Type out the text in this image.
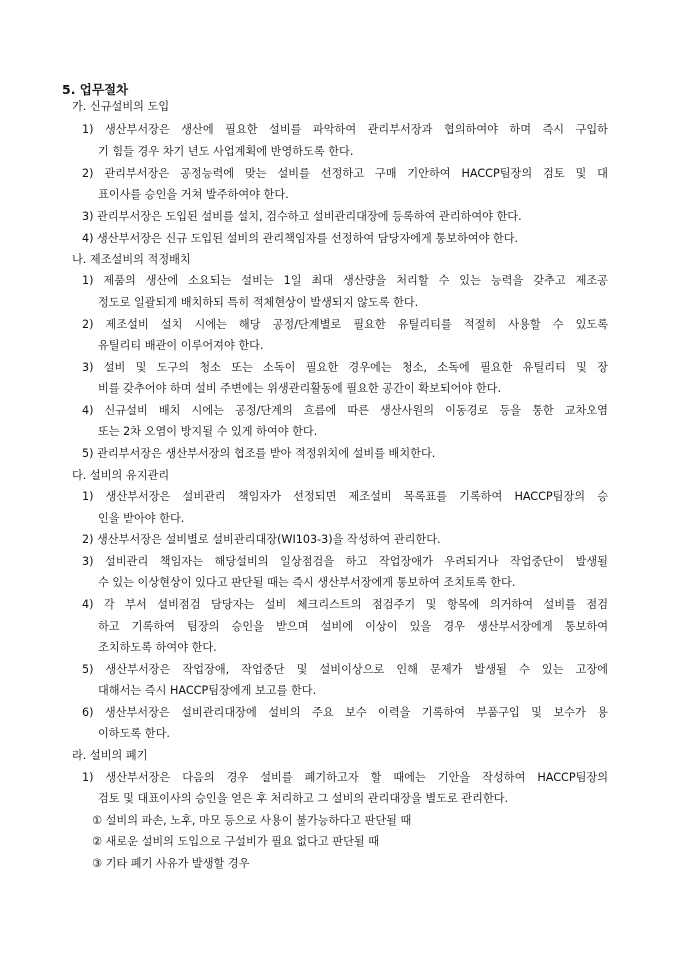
5. 업무절차
가. 신규설비의 도입
1) 생산부서장은 생산에 필요한 설비를 파악하여 관리부서장과 협의하여야 하며 즉시 구입하
기 힘들 경우 차기 년도 사업계획에 반영하도록 한다.
2) 관리부서장은 공정능력에 맞는 설비를 선정하고 구매 기안하여 HACCP팀장의 검토 및 대
표이사를 승인을 거쳐 발주하여야 한다.
3) 관리부서장은 도입된 설비를 설치, 검수하고 설비관리대장에 등록하여 관리하여야 한다.
4) 생산부서장은 신규 도입된 설비의 관리책임자를 선정하여 담당자에게 통보하여야 한다.
나. 제조설비의 적정배치
1) 제품의 생산에 소요되는 설비는 1일 최대 생산량을 처리할 수 있는 능력을 갖추고 제조공
정도로 일괄되게 배치하되 특히 적체현상이 발생되지 않도록 한다.
2) 제조설비 설치 시에는 해당 공정/단계별로 필요한 유틸리티를 적절히 사용할 수 있도록
유틸리티 배관이 이루어져야 한다.
3) 설비 및 도구의 청소 또는 소독이 필요한 경우에는 청소, 소독에 필요한 유틸리티 및 장
비를 갖추어야 하며 설비 주변에는 위생관리활동에 필요한 공간이 확보되어야 한다.
4) 신규설비 배치 시에는 공정/단계의 흐름에 따른 생산사원의 이동경로 등을 통한 교차오염
또는 2차 오염이 방지될 수 있게 하여야 한다.
5) 관리부서장은 생산부서장의 협조를 받아 적정위치에 설비를 배치한다.
다. 설비의 유지관리
1) 생산부서장은 설비관리 책임자가 선정되면 제조설비 목록표를 기록하여 HACCP팀장의 승
인을 받아야 한다.
2) 생산부서장은 설비별로 설비관리대장(WI103-3)을 작성하여 관리한다.
3) 설비관리 책임자는 해당설비의 일상점검을 하고 작업장애가 우려되거나 작업중단이 발생될
수 있는 이상현상이 있다고 판단될 때는 즉시 생산부서장에게 통보하여 조치토록 한다.
4) 각 부서 설비점검 담당자는 설비 체크리스트의 점검주기 및 항목에 의거하여 설비를 점검
하고 기록하여 팀장의 승인을 받으며 설비에 이상이 있을 경우 생산부서장에게 통보하여
조치하도록 하여야 한다.
5) 생산부서장은 작업장애, 작업중단 및 설비이상으로 인해 문제가 발생될 수 있는 고장에
대해서는 즉시 HACCP팀장에게 보고를 한다.
6) 생산부서장은 설비관리대장에 설비의 주요 보수 이력을 기록하여 부품구입 및 보수가 용
이하도록 한다.
라. 설비의 폐기
1) 생산부서장은 다음의 경우 설비를 폐기하고자 할 때에는 기안을 작성하여 HACCP팀장의
검토 및 대표이사의 승인을 얻은 후 처리하고 그 설비의 관리대장을 별도로 관리한다.
① 설비의 파손, 노후, 마모 등으로 사용이 불가능하다고 판단될 때
② 새로운 설비의 도입으로 구설비가 필요 없다고 판단될 때
③ 기타 폐기 사유가 발생할 경우
